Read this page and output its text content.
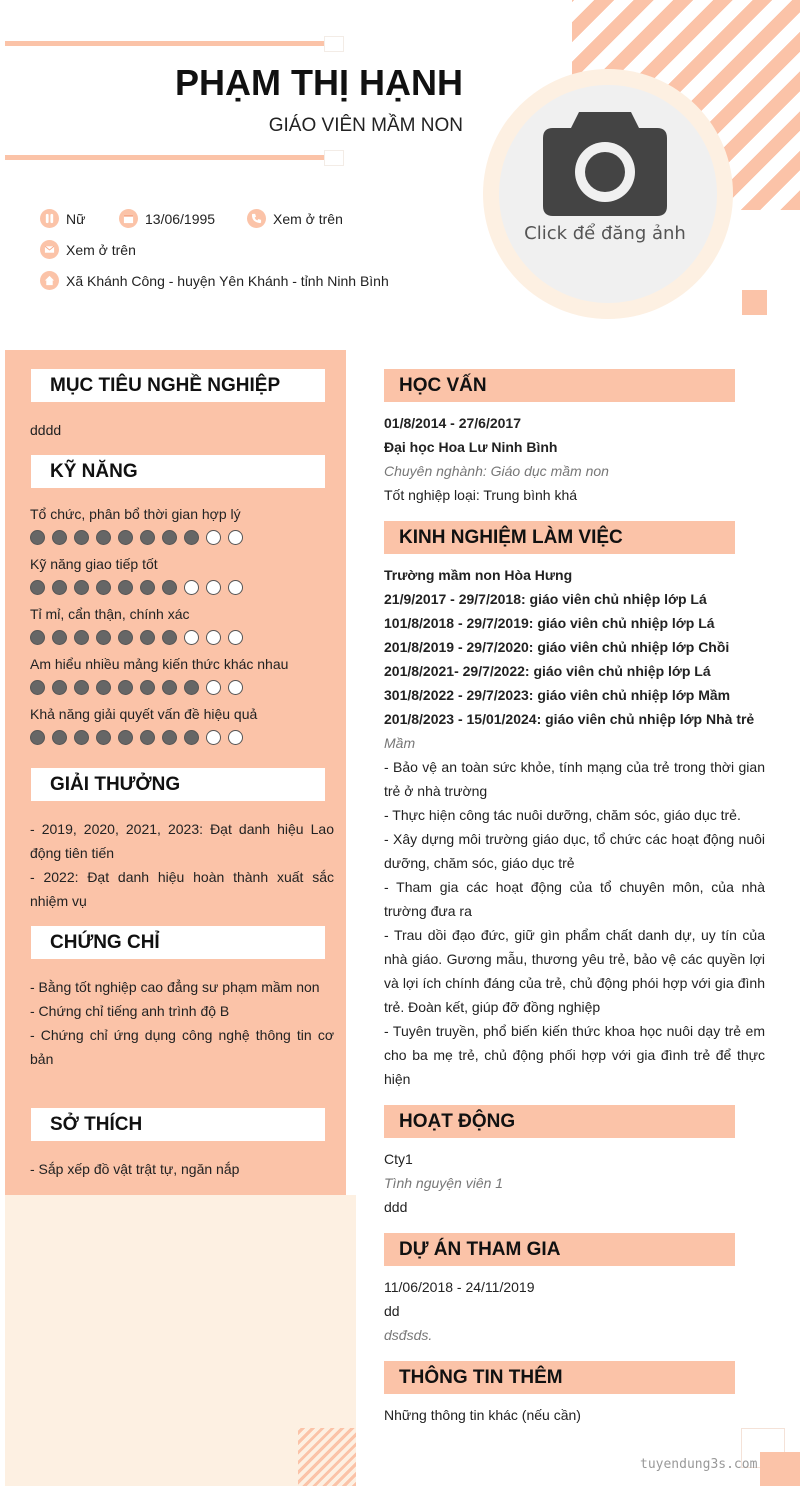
PHẠM THỊ HẠNH
GIÁO VIÊN MẦM NON
Click để đăng ảnh
Nữ	13/06/1995	Xem ở trên
Xem ở trên
Xã Khánh Công - huyện Yên Khánh - tỉnh Ninh Bình
MỤC TIÊU NGHỀ NGHIỆP
dddd
KỸ NĂNG
Tổ chức, phân bổ thời gian hợp lý
Kỹ năng giao tiếp tốt
Tỉ mỉ, cẩn thận, chính xác
Am hiểu nhiều mảng kiến thức khác nhau
Khả năng giải quyết vấn đề hiệu quả
GIẢI THƯỞNG
- 2019, 2020, 2021, 2023: Đạt danh hiệu Lao động tiên tiến
- 2022: Đạt danh hiệu hoàn thành xuất sắc nhiệm vụ
CHỨNG CHỈ
- Bằng tốt nghiệp cao đẳng sư phạm mầm non
- Chứng chỉ tiếng anh trình độ B
- Chứng chỉ ứng dụng công nghệ thông tin cơ bản
SỞ THÍCH
- Sắp xếp đồ vật trật tự, ngăn nắp
HỌC VẤN
01/8/2014 - 27/6/2017
Đại học Hoa Lư Ninh Bình
Chuyên nghành: Giáo dục mầm non
Tốt nghiệp loại: Trung bình khá
KINH NGHIỆM LÀM VIỆC
Trường mầm non Hòa Hưng
21/9/2017 - 29/7/2018: giáo viên chủ nhiệp lớp Lá
101/8/2018 - 29/7/2019: giáo viên chủ nhiệp lớp Lá
201/8/2019 - 29/7/2020: giáo viên chủ nhiệp lớp Chồi
201/8/2021- 29/7/2022: giáo viên chủ nhiệp lớp Lá
301/8/2022 - 29/7/2023: giáo viên chủ nhiệp lớp Mầm
201/8/2023 - 15/01/2024: giáo viên chủ nhiệp lớp Nhà trẻ
Mầm
- Bảo vệ an toàn sức khỏe, tính mạng của trẻ trong thời gian trẻ ở nhà trường
- Thực hiện công tác nuôi dưỡng, chăm sóc, giáo dục trẻ.
- Xây dựng môi trường giáo dục, tổ chức các hoạt động nuôi dưỡng, chăm sóc, giáo dục trẻ
- Tham gia các hoạt động của tổ chuyên môn, của nhà trường đưa ra
- Trau dồi đạo đức, giữ gìn phẩm chất danh dự, uy tín của nhà giáo. Gương mẫu, thương yêu trẻ, bảo vệ các quyền lợi và lợi ích chính đáng của trẻ, chủ động phói hợp với gia đình trẻ. Đoàn kết, giúp đỡ đồng nghiệp
- Tuyên truyền, phổ biến kiến thức khoa học nuôi dạy trẻ em cho ba mẹ trẻ, chủ động phối hợp với gia đình trẻ để thực hiện
HOẠT ĐỘNG
Cty1
Tình nguyện viên 1
ddd
DỰ ÁN THAM GIA
11/06/2018 - 24/11/2019
dd
dsđsds.
THÔNG TIN THÊM
Những thông tin khác (nếu cần)
tuyendung3s.com
